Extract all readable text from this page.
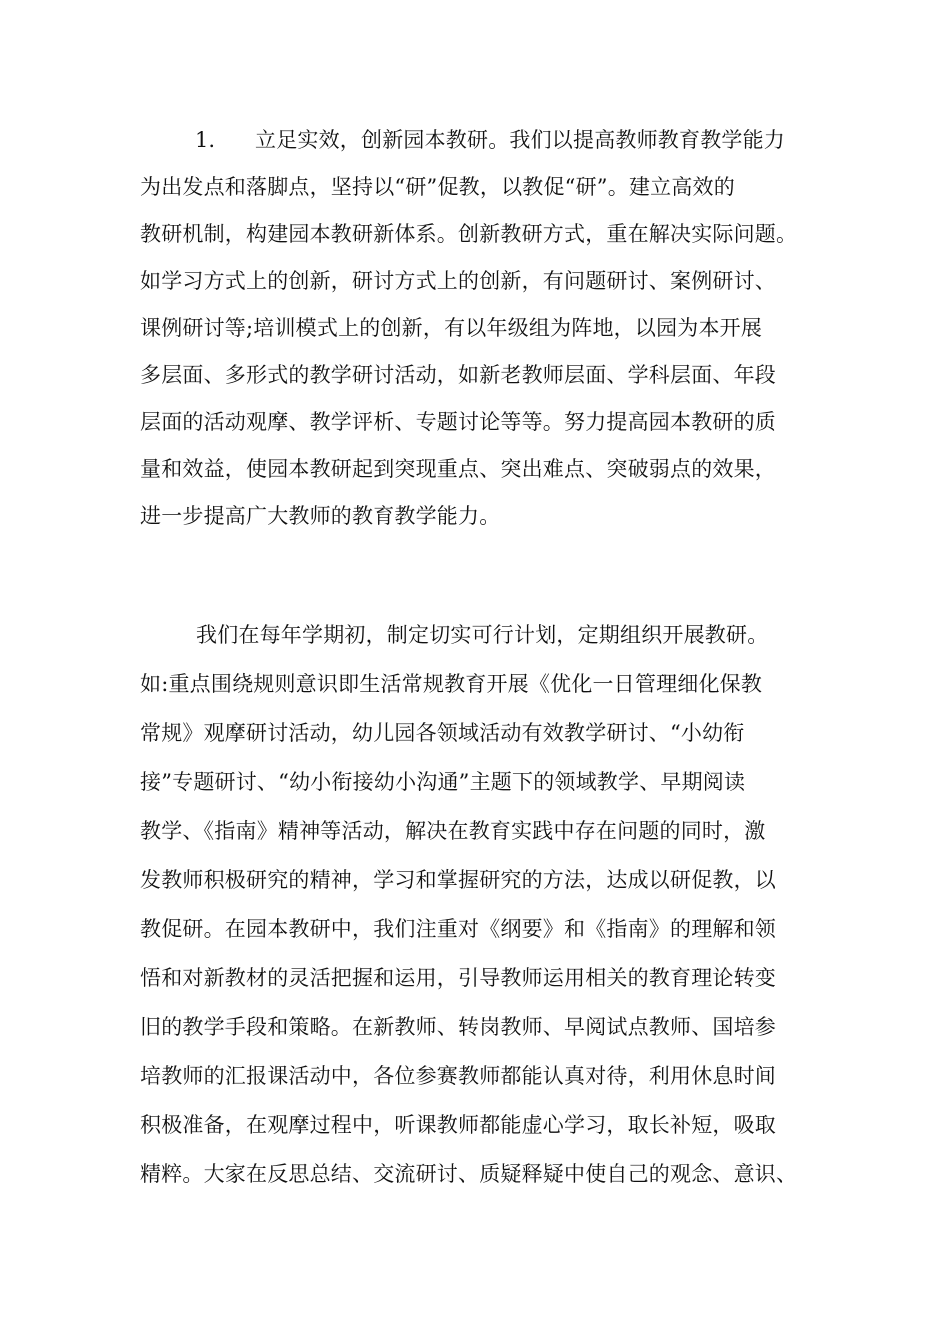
1. 立足实效，创新园本教研。我们以提高教师教育教学能力
为出发点和落脚点，坚持以“研”促教，以教促“研”。建立高效的
教研机制，构建园本教研新体系。创新教研方式，重在解决实际问题。
如学习方式上的创新，研讨方式上的创新，有问题研讨、案例研讨、
课例研讨等;培训模式上的创新，有以年级组为阵地，以园为本开展
多层面、多形式的教学研讨活动，如新老教师层面、学科层面、年段
层面的活动观摩、教学评析、专题讨论等等。努力提高园本教研的质
量和效益，使园本教研起到突现重点、突出难点、突破弱点的效果，
进一步提高广大教师的教育教学能力。
我们在每年学期初，制定切实可行计划，定期组织开展教研。
如:重点围绕规则意识即生活常规教育开展《优化一日管理细化保教
常规》观摩研讨活动，幼儿园各领域活动有效教学研讨、“小幼衔
接”专题研讨、“幼小衔接幼小沟通”主题下的领域教学、早期阅读
教学、《指南》精神等活动，解决在教育实践中存在问题的同时，激
发教师积极研究的精神，学习和掌握研究的方法，达成以研促教，以
教促研。在园本教研中，我们注重对《纲要》和《指南》的理解和领
悟和对新教材的灵活把握和运用，引导教师运用相关的教育理论转变
旧的教学手段和策略。在新教师、转岗教师、早阅试点教师、国培参
培教师的汇报课活动中，各位参赛教师都能认真对待，利用休息时间
积极准备，在观摩过程中，听课教师都能虚心学习，取长补短，吸取
精粹。大家在反思总结、交流研讨、质疑释疑中使自己的观念、意识、
